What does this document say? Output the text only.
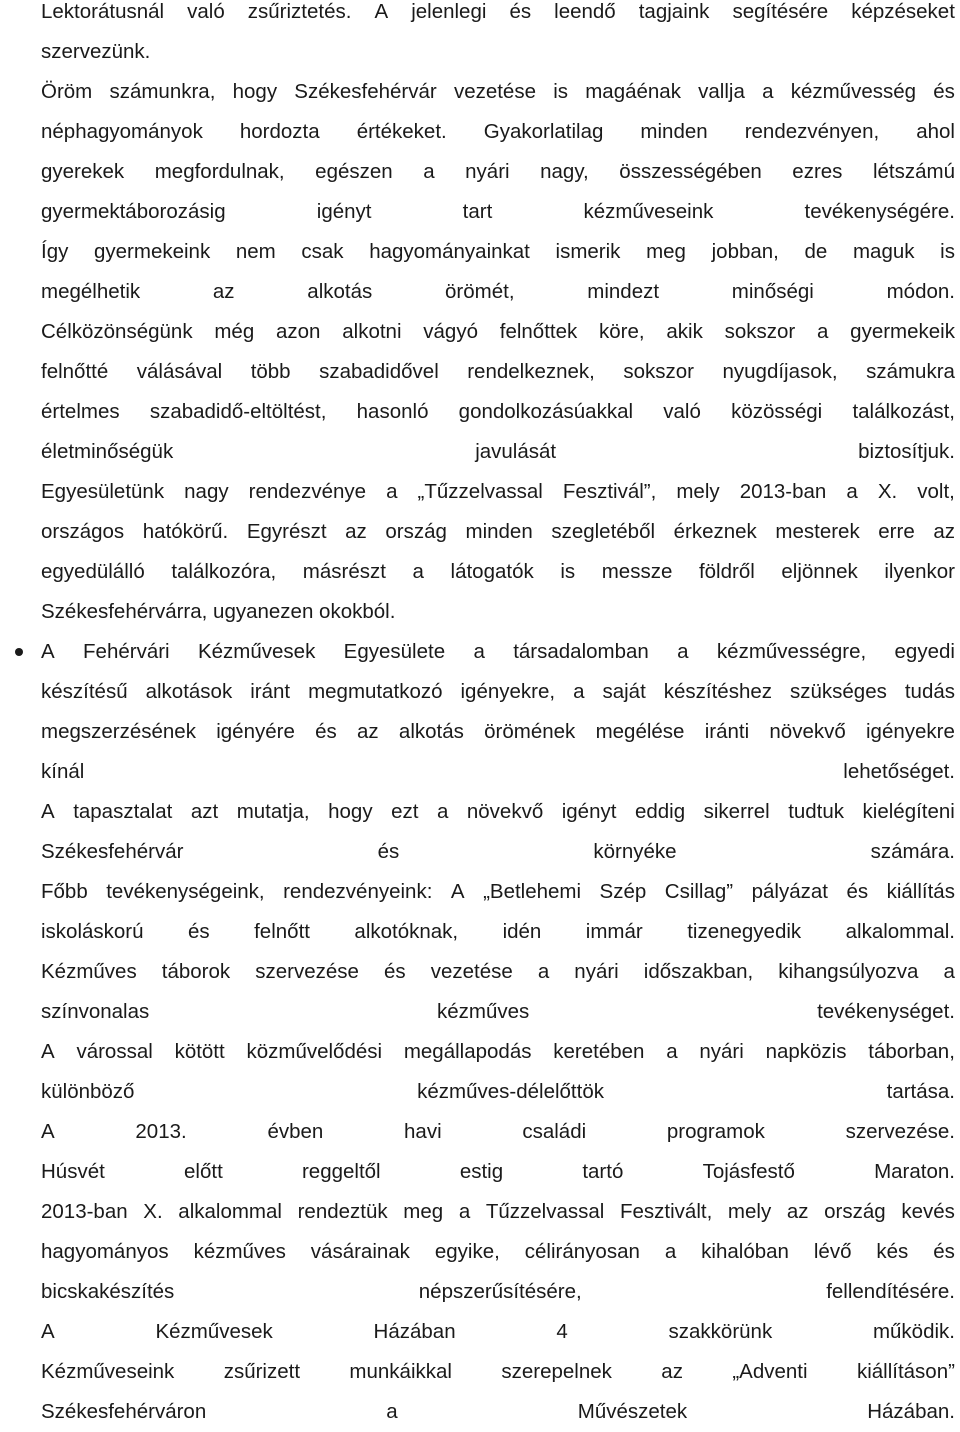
Lektorátusnál való zsűriztetés. A jelenlegi és leendő tagjaink segítésére képzéseket
szervezünk.
Öröm számunkra, hogy Székesfehérvár vezetése is magáénak vallja a kézművesség és
néphagyományok hordozta értékeket. Gyakorlatilag minden rendezvényen, ahol
gyerekek megfordulnak, egészen a nyári nagy, összességében ezres létszámú
gyermektáborozásig	igényt	tart	kézműveseink	tevékenységére.
Így gyermekeink nem csak hagyományainkat ismerik meg jobban, de maguk is
megélhetik	az	alkotás	örömét,	mindezt	minőségi	módon.
Célközönségünk még azon alkotni vágyó felnőttek köre, akik sokszor a gyermekeik
felnőtté válásával több szabadidővel rendelkeznek, sokszor nyugdíjasok, számukra
értelmes szabadidő-eltöltést, hasonló gondolkozásúakkal való közösségi találkozást,
életminőségük	javulását	biztosítjuk.
Egyesületünk nagy rendezvénye a „Tűzzelvassal Fesztivál”, mely 2013-ban a X. volt,
országos hatókörű. Egyrészt az ország minden szegletéből érkeznek mesterek erre az
egyedülálló találkozóra, másrészt a látogatók is messze földről eljönnek ilyenkor
Székesfehérvárra, ugyanezen okokból.
A Fehérvári Kézművesek Egyesülete a társadalomban a kézművességre, egyedi
készítésű alkotások iránt megmutatkozó igényekre, a saját készítéshez szükséges tudás
megszerzésének igényére és az alkotás örömének megélése iránti növekvő igényekre
kínál	lehetőséget.
A tapasztalat azt mutatja, hogy ezt a növekvő igényt eddig sikerrel tudtuk kielégíteni
Székesfehérvár	és	környéke	számára.
Főbb tevékenységeink, rendezvényeink: A „Betlehemi Szép Csillag” pályázat és kiállítás
iskoláskorú és felnőtt alkotóknak, idén immár tizenegyedik alkalommal.
Kézműves táborok szervezése és vezetése a nyári időszakban, kihangsúlyozva a
színvonalas	kézműves	tevékenységet.
A várossal kötött közművelődési megállapodás keretében a nyári napközis táborban,
különböző	kézműves-délelőttök	tartása.
A	2013.	évben	havi	családi	programok	szervezése.
Húsvét	előtt	reggeltől	estig	tartó	Tojásfestő	Maraton.
2013-ban X. alkalommal rendeztük meg a Tűzzelvassal Fesztivált, mely az ország kevés
hagyományos kézműves vásárainak egyike, célirányosan a kihalóban lévő kés és
bicskakészítés	népszerűsítésére,	fellendítésére.
A	Kézművesek	Házában	4	szakkörünk	működik.
Kézműveseink zsűrizett munkáikkal szerepelnek az „Adventi kiállításon”
Székesfehérváron	a	Művészetek	Házában.
